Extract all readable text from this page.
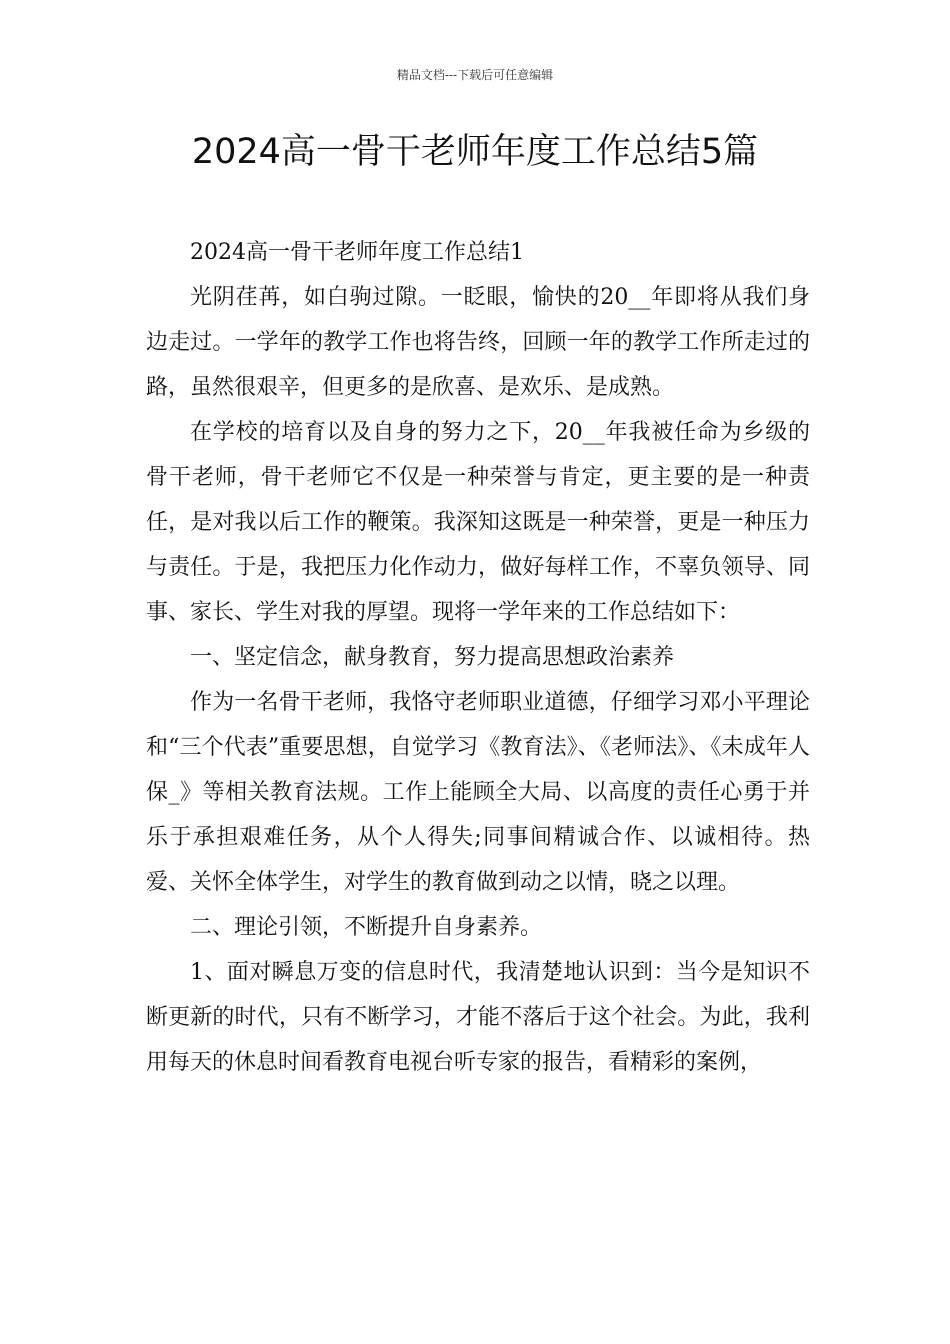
精品文档---下载后可任意编辑
2024高一骨干老师年度工作总结5篇

2024高一骨干老师年度工作总结1

光阴荏苒，如白驹过隙。一眨眼，愉快的20__年即将从我们身边走过。一学年的教学工作也将告终，回顾一年的教学工作所走过的路，虽然很艰辛，但更多的是欣喜、是欢乐、是成熟。

在学校的培育以及自身的努力之下，20__年我被任命为乡级的骨干老师，骨干老师它不仅是一种荣誉与肯定，更主要的是一种责任，是对我以后工作的鞭策。我深知这既是一种荣誉，更是一种压力与责任。于是，我把压力化作动力，做好每样工作，不辜负领导、同事、家长、学生对我的厚望。现将一学年来的工作总结如下：

一、坚定信念，献身教育，努力提高思想政治素养

作为一名骨干老师，我恪守老师职业道德，仔细学习邓小平理论和“三个代表”重要思想，自觉学习《教育法》、《老师法》、《未成年人保_》等相关教育法规。工作上能顾全大局、以高度的责任心勇于并乐于承担艰难任务，从个人得失;同事间精诚合作、以诚相待。热爱、关怀全体学生，对学生的教育做到动之以情，晓之以理。

二、理论引领，不断提升自身素养。

1、面对瞬息万变的信息时代，我清楚地认识到：当今是知识不断更新的时代，只有不断学习，才能不落后于这个社会。为此，我利用每天的休息时间看教育电视台听专家的报告，看精彩的案例，
